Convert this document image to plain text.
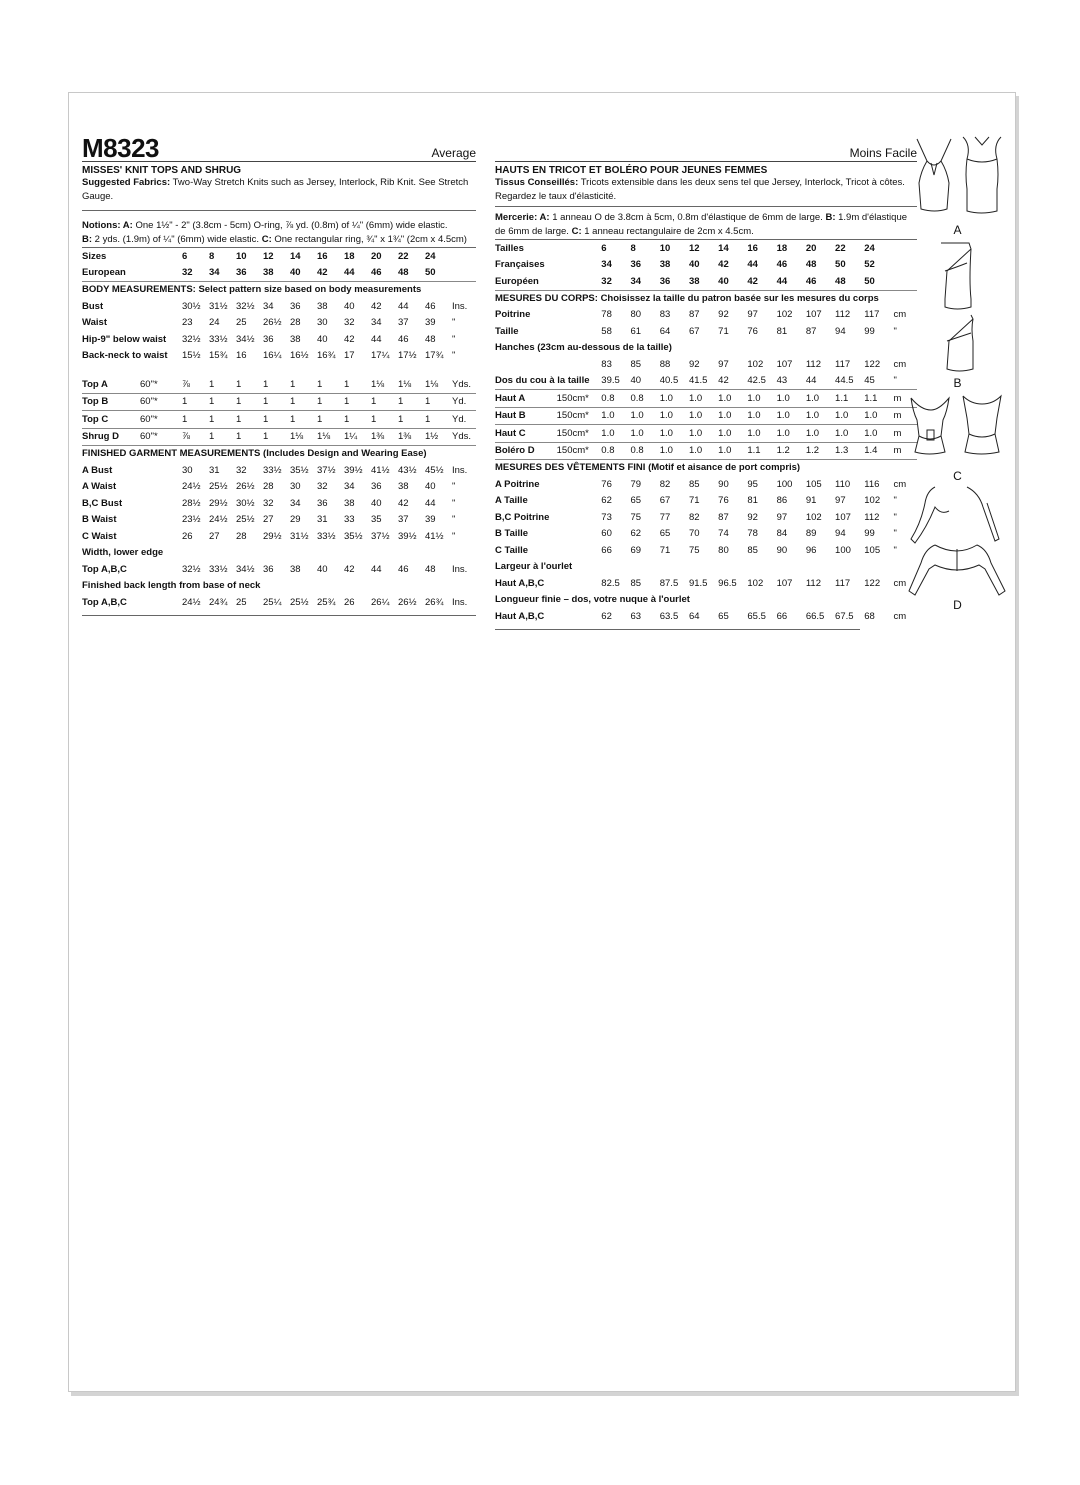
M8323	Average
MISSES' KNIT TOPS AND SHRUG
Suggested Fabrics: Two-Way Stretch Knits such as Jersey, Interlock, Rib Knit. See Stretch Gauge.
Notions: A: One 1½" - 2" (3.8cm - 5cm) O-ring, ⅞ yd. (0.8m) of ¼" (6mm) wide elastic.
B: 2 yds. (1.9m) of ¼" (6mm) wide elastic. C: One rectangular ring, ¾" x 1¾" (2cm x 4.5cm)
Sizes	6	8	10	12	14	16	18	20	22	24	
European	32	34	36	38	40	42	44	46	48	50	
BODY MEASUREMENTS: Select pattern size based on body measurements
Bust	30½	31½	32½	34	36	38	40	42	44	46	Ins.
Waist	23	24	25	26½	28	30	32	34	37	39	"
Hip-9" below waist	32½	33½	34½	36	38	40	42	44	46	48	"
Back-neck to waist	15½	15¾	16	16¼	16½	16¾	17	17¼	17½	17¾	"

Top A	60"*	⅞	1	1	1	1	1	1	1⅛	1⅛	1⅛	Yds.
Top B	60"*	1	1	1	1	1	1	1	1	1	1	Yd.
Top C	60"*	1	1	1	1	1	1	1	1	1	1	Yd.
Shrug D	60"*	⅞	1	1	1	1⅛	1⅛	1¼	1⅜	1⅜	1½	Yds.
FINISHED GARMENT MEASUREMENTS (Includes Design and Wearing Ease)
A Bust	30	31	32	33½	35½	37½	39½	41½	43½	45½	Ins.
A Waist	24½	25½	26½	28	30	32	34	36	38	40	"
B,C Bust	28½	29½	30½	32	34	36	38	40	42	44	"
B Waist	23½	24½	25½	27	29	31	33	35	37	39	"
C Waist	26	27	28	29½	31½	33½	35½	37½	39½	41½	"
Width, lower edge											
Top A,B,C	32½	33½	34½	36	38	40	42	44	46	48	Ins.
Finished back length from base of neck											
Top A,B,C	24½	24¾	25	25¼	25½	25¾	26	26¼	26½	26¾	Ins.
Moins Facile
HAUTS EN TRICOT ET BOLÉRO POUR JEUNES FEMMES
Tissus Conseillés: Tricots extensible dans les deux sens tel que Jersey, Interlock, Tricot à côtes. Regardez le taux d'élasticité.
Mercerie: A: 1 anneau O de 3.8cm à 5cm, 0.8m d'élastique de 6mm de large. B: 1.9m d'élastique de 6mm de large. C: 1 anneau rectangulaire de 2cm x 4.5cm.
Tailles	6	8	10	12	14	16	18	20	22	24	
Françaises	34	36	38	40	42	44	46	48	50	52	
Européen	32	34	36	38	40	42	44	46	48	50	
MESURES DU CORPS: Choisissez la taille du patron basée sur les mesures du corps
Poitrine	78	80	83	87	92	97	102	107	112	117	cm
Taille	58	61	64	67	71	76	81	87	94	99	"
Hanches (23cm au-dessous de la taille)											
	83	85	88	92	97	102	107	112	117	122	cm
Dos du cou à la taille	39.5	40	40.5	41.5	42	42.5	43	44	44.5	45	"
Haut A	150cm*	0.8	0.8	1.0	1.0	1.0	1.0	1.0	1.0	1.1	1.1	m
Haut B	150cm*	1.0	1.0	1.0	1.0	1.0	1.0	1.0	1.0	1.0	1.0	m
Haut C	150cm*	1.0	1.0	1.0	1.0	1.0	1.0	1.0	1.0	1.0	1.0	m
Boléro D	150cm*	0.8	0.8	1.0	1.0	1.0	1.1	1.2	1.2	1.3	1.4	m
MESURES DES VÊTEMENTS FINI (Motif et aisance de port compris)
A Poitrine	76	79	82	85	90	95	100	105	110	116	cm
A Taille	62	65	67	71	76	81	86	91	97	102	"
B,C Poitrine	73	75	77	82	87	92	97	102	107	112	"
B Taille	60	62	65	70	74	78	84	89	94	99	"
C Taille	66	69	71	75	80	85	90	96	100	105	"
Largeur à l'ourlet											
Haut A,B,C	82.5	85	87.5	91.5	96.5	102	107	112	117	122	cm
Longueur finie – dos, votre nuque à l'ourlet											
Haut A,B,C	62	63	63.5	64	65	65.5	66	66.5	67.5	68	cm
A
B
C
D
